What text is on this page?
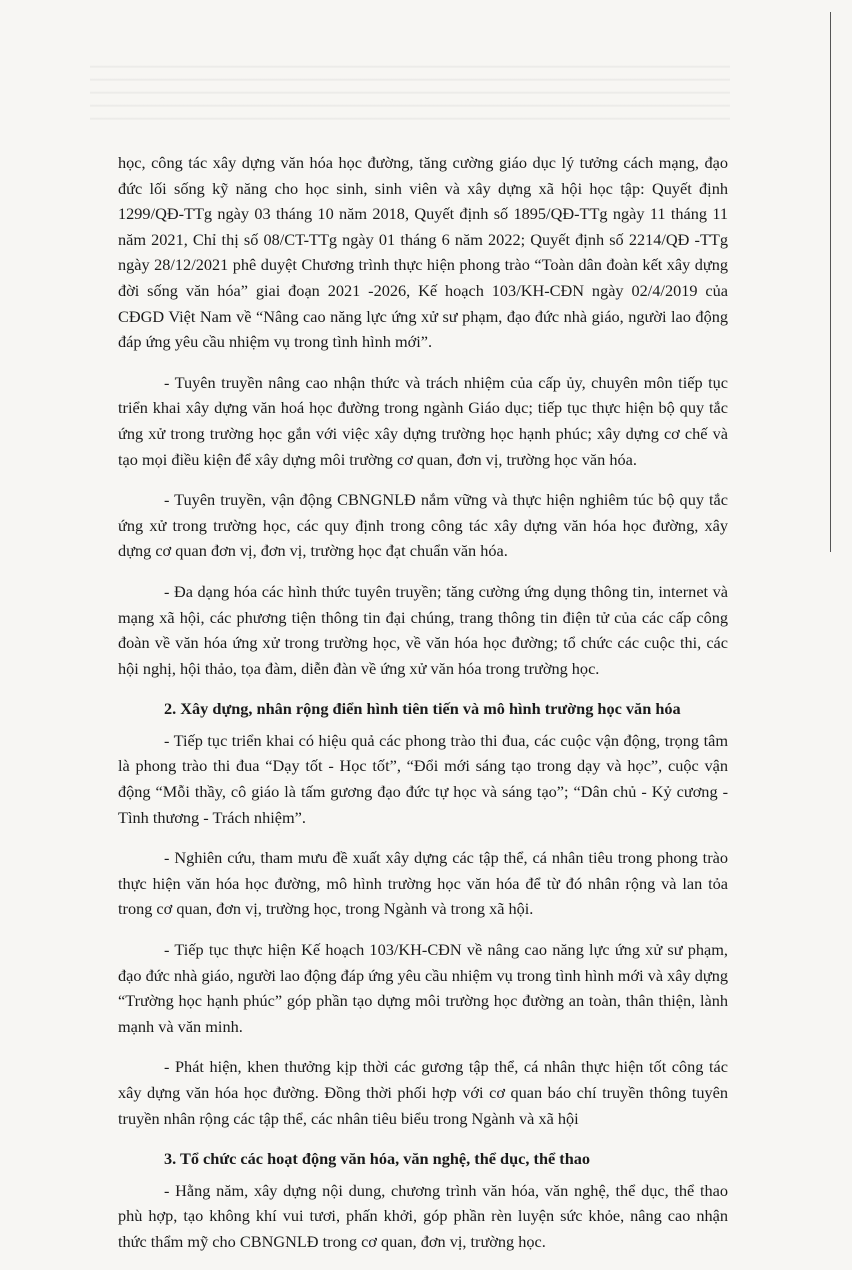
học, công tác xây dựng văn hóa học đường, tăng cường giáo dục lý tưởng cách mạng, đạo đức lối sống kỹ năng cho học sinh, sinh viên và xây dựng xã hội học tập: Quyết định 1299/QĐ-TTg ngày 03 tháng 10 năm 2018, Quyết định số 1895/QĐ-TTg ngày 11 tháng 11 năm 2021, Chỉ thị số 08/CT-TTg ngày 01 tháng 6 năm 2022; Quyết định số 2214/QĐ -TTg ngày 28/12/2021 phê duyệt Chương trình thực hiện phong trào “Toàn dân đoàn kết xây dựng đời sống văn hóa” giai đoạn 2021 -2026, Kế hoạch 103/KH-CĐN ngày 02/4/2019 của CĐGD Việt Nam về “Nâng cao năng lực ứng xử sư phạm, đạo đức nhà giáo, người lao động đáp ứng yêu cầu nhiệm vụ trong tình hình mới”.

- Tuyên truyền nâng cao nhận thức và trách nhiệm của cấp ủy, chuyên môn tiếp tục triển khai xây dựng văn hoá học đường trong ngành Giáo dục; tiếp tục thực hiện bộ quy tắc ứng xử trong trường học gắn với việc xây dựng trường học hạnh phúc; xây dựng cơ chế và tạo mọi điều kiện để xây dựng môi trường cơ quan, đơn vị, trường học văn hóa.

- Tuyên truyền, vận động CBNGNLĐ nắm vững và thực hiện nghiêm túc bộ quy tắc ứng xử trong trường học, các quy định trong công tác xây dựng văn hóa học đường, xây dựng cơ quan đơn vị, đơn vị, trường học đạt chuẩn văn hóa.

- Đa dạng hóa các hình thức tuyên truyền; tăng cường ứng dụng thông tin, internet và mạng xã hội, các phương tiện thông tin đại chúng, trang thông tin điện tử của các cấp công đoàn về văn hóa ứng xử trong trường học, về văn hóa học đường; tổ chức các cuộc thi, các hội nghị, hội thảo, tọa đàm, diễn đàn về ứng xử văn hóa trong trường học.

2. Xây dựng, nhân rộng điển hình tiên tiến và mô hình trường học văn hóa

- Tiếp tục triển khai có hiệu quả các phong trào thi đua, các cuộc vận động, trọng tâm là phong trào thi đua “Dạy tốt - Học tốt”, “Đổi mới sáng tạo trong dạy và học”, cuộc vận động “Mỗi thầy, cô giáo là tấm gương đạo đức tự học và sáng tạo”; “Dân chủ - Kỷ cương - Tình thương - Trách nhiệm”.

- Nghiên cứu, tham mưu đề xuất xây dựng các tập thể, cá nhân tiêu trong phong trào thực hiện văn hóa học đường, mô hình trường học văn hóa để từ đó nhân rộng và lan tỏa trong cơ quan, đơn vị, trường học, trong Ngành và trong xã hội.

- Tiếp tục thực hiện Kế hoạch 103/KH-CĐN về nâng cao năng lực ứng xử sư phạm, đạo đức nhà giáo, người lao động đáp ứng yêu cầu nhiệm vụ trong tình hình mới và xây dựng “Trường học hạnh phúc” góp phần tạo dựng môi trường học đường an toàn, thân thiện, lành mạnh và văn minh.

- Phát hiện, khen thưởng kịp thời các gương tập thể, cá nhân thực hiện tốt công tác xây dựng văn hóa học đường. Đồng thời phối hợp với cơ quan báo chí truyền thông tuyên truyền nhân rộng các tập thể, các nhân tiêu biểu trong Ngành và xã hội

3. Tổ chức các hoạt động văn hóa, văn nghệ, thể dục, thể thao

- Hằng năm, xây dựng nội dung, chương trình văn hóa, văn nghệ, thể dục, thể thao phù hợp, tạo không khí vui tươi, phấn khởi, góp phần rèn luyện sức khỏe, nâng cao nhận thức thẩm mỹ cho CBNGNLĐ trong cơ quan, đơn vị, trường học.
